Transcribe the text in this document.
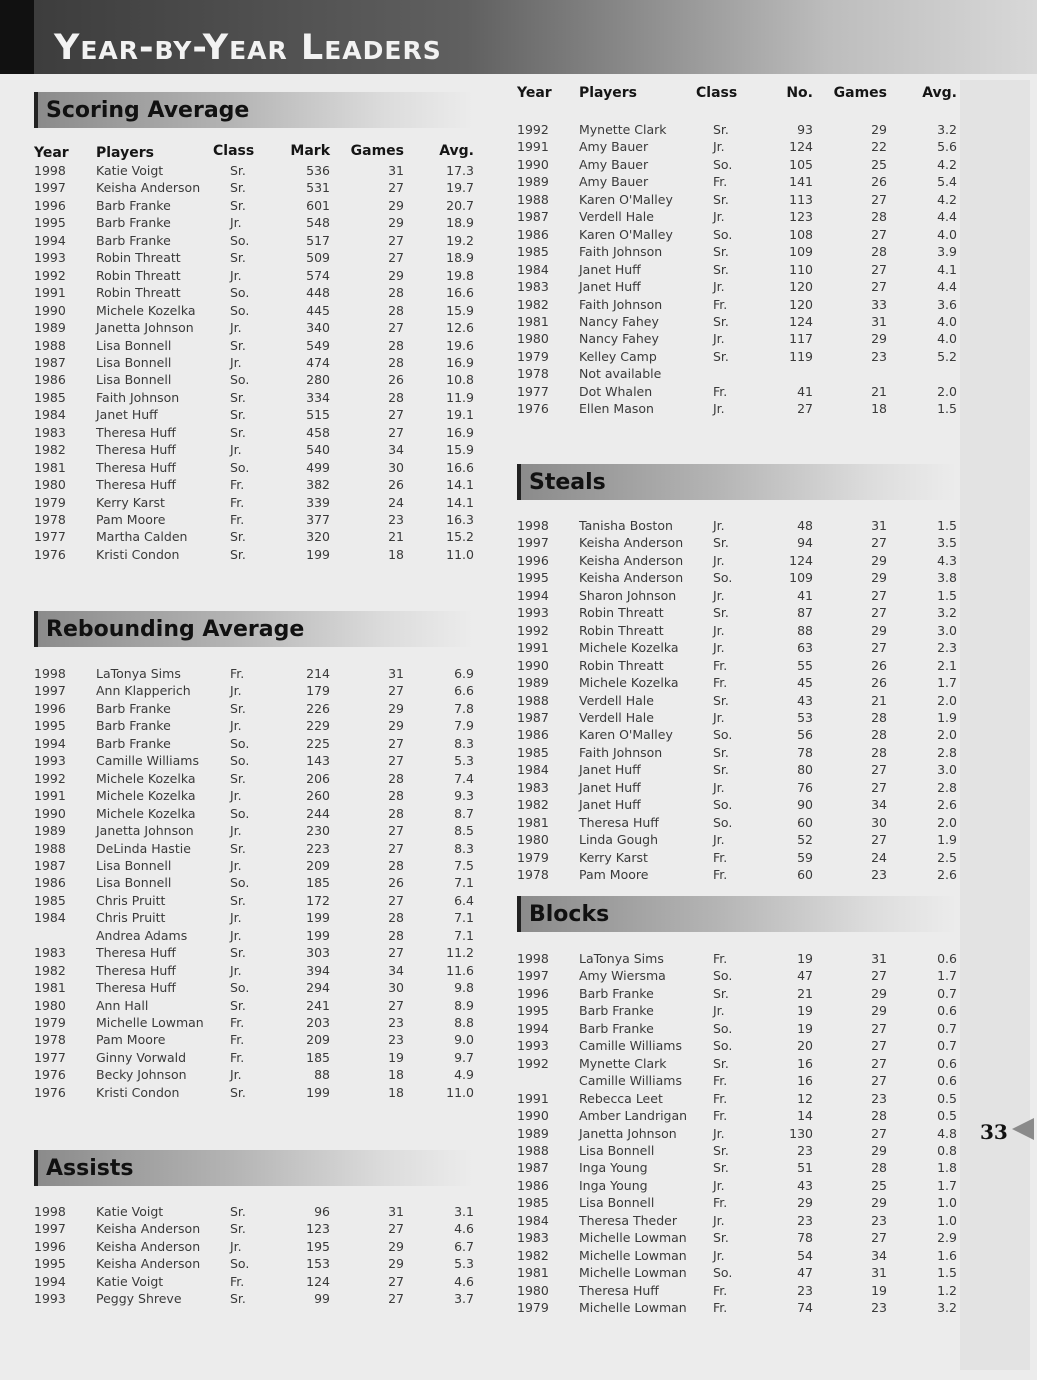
Year-by-Year Leaders
Scoring Average
Rebounding Average
Assists
Steals
Blocks
Year Players	Class	Mark	Games	Avg.
Year Players	Class	No.	Games	Avg.
1998	Katie Voigt	Sr.	536	31	17.3
1997	Keisha Anderson	Sr.	531	27	19.7
1996	Barb Franke	Sr.	601	29	20.7
1995	Barb Franke	Jr.	548	29	18.9
1994	Barb Franke	So.	517	27	19.2
1993	Robin Threatt	Sr.	509	27	18.9
1992	Robin Threatt	Jr.	574	29	19.8
1991	Robin Threatt	So.	448	28	16.6
1990	Michele Kozelka	So.	445	28	15.9
1989	Janetta Johnson	Jr.	340	27	12.6
1988	Lisa Bonnell	Sr.	549	28	19.6
1987	Lisa Bonnell	Jr.	474	28	16.9
1986	Lisa Bonnell	So.	280	26	10.8
1985	Faith Johnson	Sr.	334	28	11.9
1984	Janet Huff	Sr.	515	27	19.1
1983	Theresa Huff	Sr.	458	27	16.9
1982	Theresa Huff	Jr.	540	34	15.9
1981	Theresa Huff	So.	499	30	16.6
1980	Theresa Huff	Fr.	382	26	14.1
1979	Kerry Karst	Fr.	339	24	14.1
1978	Pam Moore	Fr.	377	23	16.3
1977	Martha Calden	Sr.	320	21	15.2
1976	Kristi Condon	Sr.	199	18	11.0
1998	LaTonya Sims	Fr.	214	31	6.9
1997	Ann Klapperich	Jr.	179	27	6.6
1996	Barb Franke	Sr.	226	29	7.8
1995	Barb Franke	Jr.	229	29	7.9
1994	Barb Franke	So.	225	27	8.3
1993	Camille Williams	So.	143	27	5.3
1992	Michele Kozelka	Sr.	206	28	7.4
1991	Michele Kozelka	Jr.	260	28	9.3
1990	Michele Kozelka	So.	244	28	8.7
1989	Janetta Johnson	Jr.	230	27	8.5
1988	DeLinda Hastie	Sr.	223	27	8.3
1987	Lisa Bonnell	Jr.	209	28	7.5
1986	Lisa Bonnell	So.	185	26	7.1
1985	Chris Pruitt	Sr.	172	27	6.4
1984	Chris Pruitt	Jr.	199	28	7.1
Andrea Adams	Jr.	199	28	7.1
1983	Theresa Huff	Sr.	303	27	11.2
1982	Theresa Huff	Jr.	394	34	11.6
1981	Theresa Huff	So.	294	30	9.8
1980	Ann Hall	Sr.	241	27	8.9
1979	Michelle Lowman	Fr.	203	23	8.8
1978	Pam Moore	Fr.	209	23	9.0
1977	Ginny Vorwald	Fr.	185	19	9.7
1976	Becky Johnson	Jr.	88	18	4.9
1976	Kristi Condon	Sr.	199	18	11.0
1998	Katie Voigt	Sr.	96	31	3.1
1997	Keisha Anderson	Sr.	123	27	4.6
1996	Keisha Anderson	Jr.	195	29	6.7
1995	Keisha Anderson	So.	153	29	5.3
1994	Katie Voigt	Fr.	124	27	4.6
1993	Peggy Shreve	Sr.	99	27	3.7
1992	Mynette Clark	Sr.	93	29	3.2
1991	Amy Bauer	Jr.	124	22	5.6
1990	Amy Bauer	So.	105	25	4.2
1989	Amy Bauer	Fr.	141	26	5.4
1988	Karen O'Malley	Sr.	113	27	4.2
1987	Verdell Hale	Jr.	123	28	4.4
1986	Karen O'Malley	So.	108	27	4.0
1985	Faith Johnson	Sr.	109	28	3.9
1984	Janet Huff	Sr.	110	27	4.1
1983	Janet Huff	Jr.	120	27	4.4
1982	Faith Johnson	Fr.	120	33	3.6
1981	Nancy Fahey	Sr.	124	31	4.0
1980	Nancy Fahey	Jr.	117	29	4.0
1979	Kelley Camp	Sr.	119	23	5.2
1978	Not available
1977	Dot Whalen	Fr.	41	21	2.0
1976	Ellen Mason	Jr.	27	18	1.5
1998	Tanisha Boston	Jr.	48	31	1.5
1997	Keisha Anderson	Sr.	94	27	3.5
1996	Keisha Anderson	Jr.	124	29	4.3
1995	Keisha Anderson	So.	109	29	3.8
1994	Sharon Johnson	Jr.	41	27	1.5
1993	Robin Threatt	Sr.	87	27	3.2
1992	Robin Threatt	Jr.	88	29	3.0
1991	Michele Kozelka	Jr.	63	27	2.3
1990	Robin Threatt	Fr.	55	26	2.1
1989	Michele Kozelka	Fr.	45	26	1.7
1988	Verdell Hale	Sr.	43	21	2.0
1987	Verdell Hale	Jr.	53	28	1.9
1986	Karen O'Malley	So.	56	28	2.0
1985	Faith Johnson	Sr.	78	28	2.8
1984	Janet Huff	Sr.	80	27	3.0
1983	Janet Huff	Jr.	76	27	2.8
1982	Janet Huff	So.	90	34	2.6
1981	Theresa Huff	So.	60	30	2.0
1980	Linda Gough	Jr.	52	27	1.9
1979	Kerry Karst	Fr.	59	24	2.5
1978	Pam Moore	Fr.	60	23	2.6
1998	LaTonya Sims	Fr.	19	31	0.6
1997	Amy Wiersma	So.	47	27	1.7
1996	Barb Franke	Sr.	21	29	0.7
1995	Barb Franke	Jr.	19	29	0.6
1994	Barb Franke	So.	19	27	0.7
1993	Camille Williams	So.	20	27	0.7
1992	Mynette Clark	Sr.	16	27	0.6
Camille Williams	Fr.	16	27	0.6
1991	Rebecca Leet	Fr.	12	23	0.5
1990	Amber Landrigan	Fr.	14	28	0.5
1989	Janetta Johnson	Jr.	130	27	4.8
1988	Lisa Bonnell	Sr.	23	29	0.8
1987	Inga Young	Sr.	51	28	1.8
1986	Inga Young	Jr.	43	25	1.7
1985	Lisa Bonnell	Fr.	29	29	1.0
1984	Theresa Theder	Jr.	23	23	1.0
1983	Michelle Lowman	Sr.	78	27	2.9
1982	Michelle Lowman	Jr.	54	34	1.6
1981	Michelle Lowman	So.	47	31	1.5
1980	Theresa Huff	Fr.	23	19	1.2
1979	Michelle Lowman	Fr.	74	23	3.2
33
